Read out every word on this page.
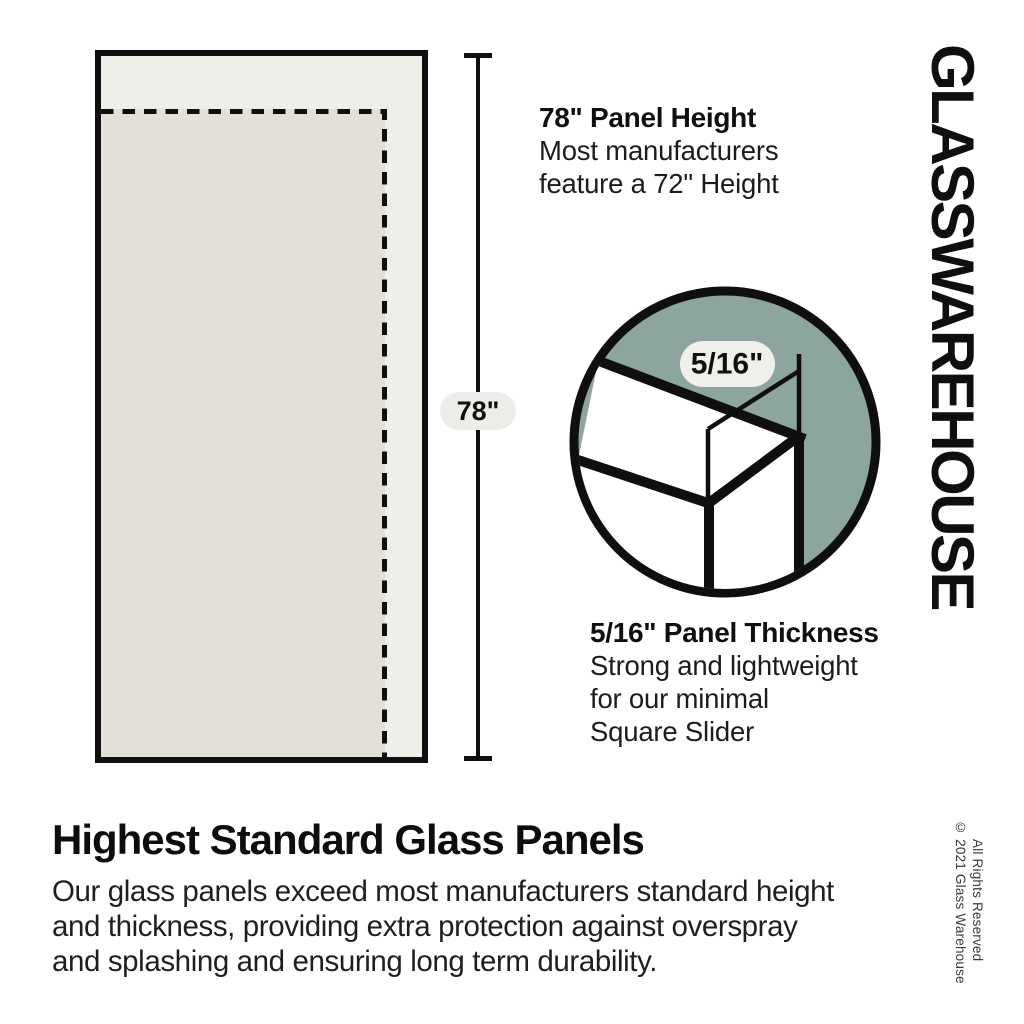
78"
78" Panel Height
Most manufacturers
feature a 72" Height
5/16"
5/16" Panel Thickness
Strong and lightweight
for our minimal
Square Slider
GLASSWAREHOUSE
Highest Standard Glass Panels
Our glass panels exceed most manufacturers standard height
and thickness, providing extra protection against overspray
and splashing and ensuring long term durability.	© 2021 Glass Warehouse All Rights Reserved
